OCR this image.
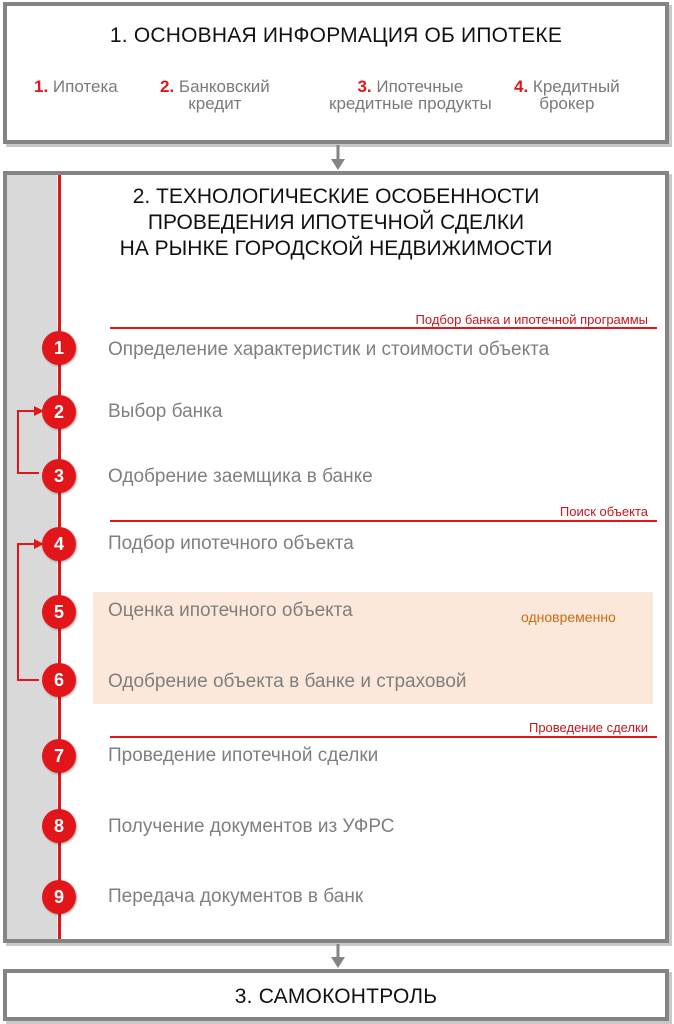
1. ОСНОВНАЯ ИНФОРМАЦИЯ ОБ ИПОТЕКЕ
1. Ипотека 2. Банковский
кредит
3. Ипотечные
кредитные продукты
4. Кредитный
брокер
2. ТЕХНОЛОГИЧЕСКИЕ ОСОБЕННОСТИ
ПРОВЕДЕНИЯ ИПОТЕЧНОЙ СДЕЛКИ
НА РЫНКЕ ГОРОДСКОЙ НЕДВИЖИМОСТИ
Подбор банка и ипотечной программы
Поиск объекта
одновременно
Проведение сделки
1	Определение характеристик и стоимости объекта
2	Выбор банка
3	Одобрение заемщика в банке
4	Подбор ипотечного объекта
5	Оценка ипотечного объекта
6	Одобрение объекта в банке и страховой
7	Проведение ипотечной сделки
8	Получение документов из УФРС
9	Передача документов в банк
3. САМОКОНТРОЛЬ
